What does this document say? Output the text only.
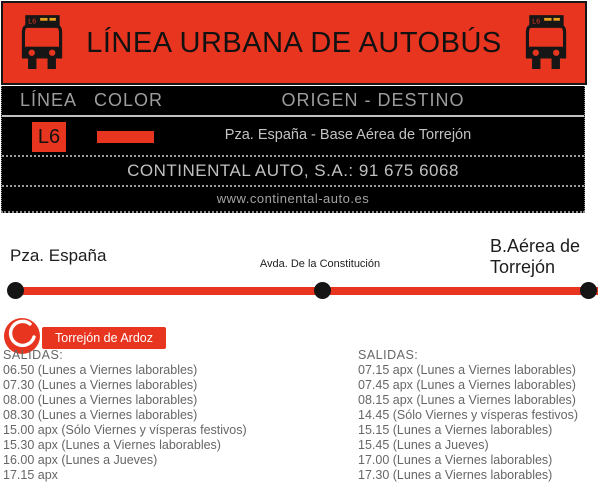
L6
LÍNEA URBANA DE AUTOBÚS
L6
LÍNEA COLOR	ORIGEN - DESTINO
L6	Pza. España - Base Aérea de Torrejón
CONTINENTAL AUTO, S.A.: 91 675 6068
www.continental-auto.es
Pza. España	Avda. De la Constitución
B.Aérea de Torrejón
Torrejón de Ardoz
SALIDAS:
06.50 (Lunes a Viernes laborables)
07.30 (Lunes a Viernes laborables)
08.00 (Lunes a Viernes laborables)
08.30 (Lunes a Viernes laborables)
15.00 apx (Sólo Viernes y vísperas festivos)
15.30 apx (Lunes a Viernes laborables)
16.00 apx (Lunes a Jueves)
17.15 apx
SALIDAS:
07.15 apx (Lunes a Viernes laborables)
07.45 apx (Lunes a Viernes laborables)
08.15 apx (Lunes a Viernes laborables)
14.45 (Sólo Viernes y vísperas festivos)
15.15 (Lunes a Viernes laborables)
15.45 (Lunes a Jueves)
17.00 (Lunes a Viernes laborables)
17.30 (Lunes a Viernes laborables)
